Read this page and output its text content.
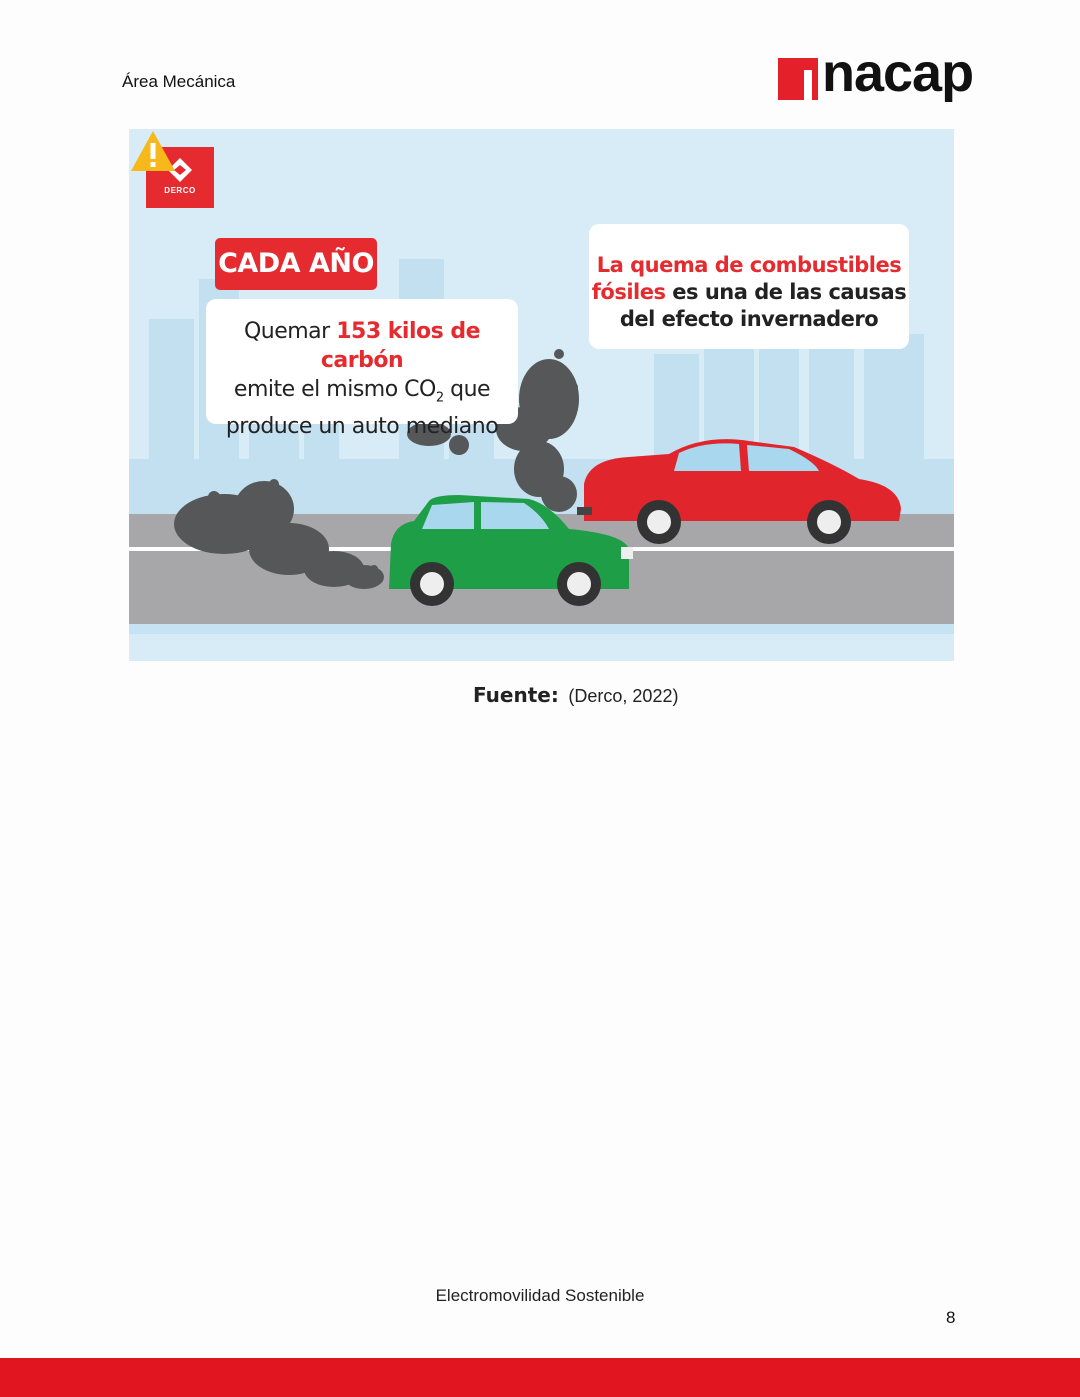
Área Mecánica	nacap
DERCO
CADA AÑO
Quemar 153 kilos de carbón
emite el mismo $CO_2$ que
produce un auto mediano
La quema de combustibles
fósiles es una de las causas
del efecto invernadero
Fuente: (Derco, 2022)
Electromovilidad Sostenible
8
